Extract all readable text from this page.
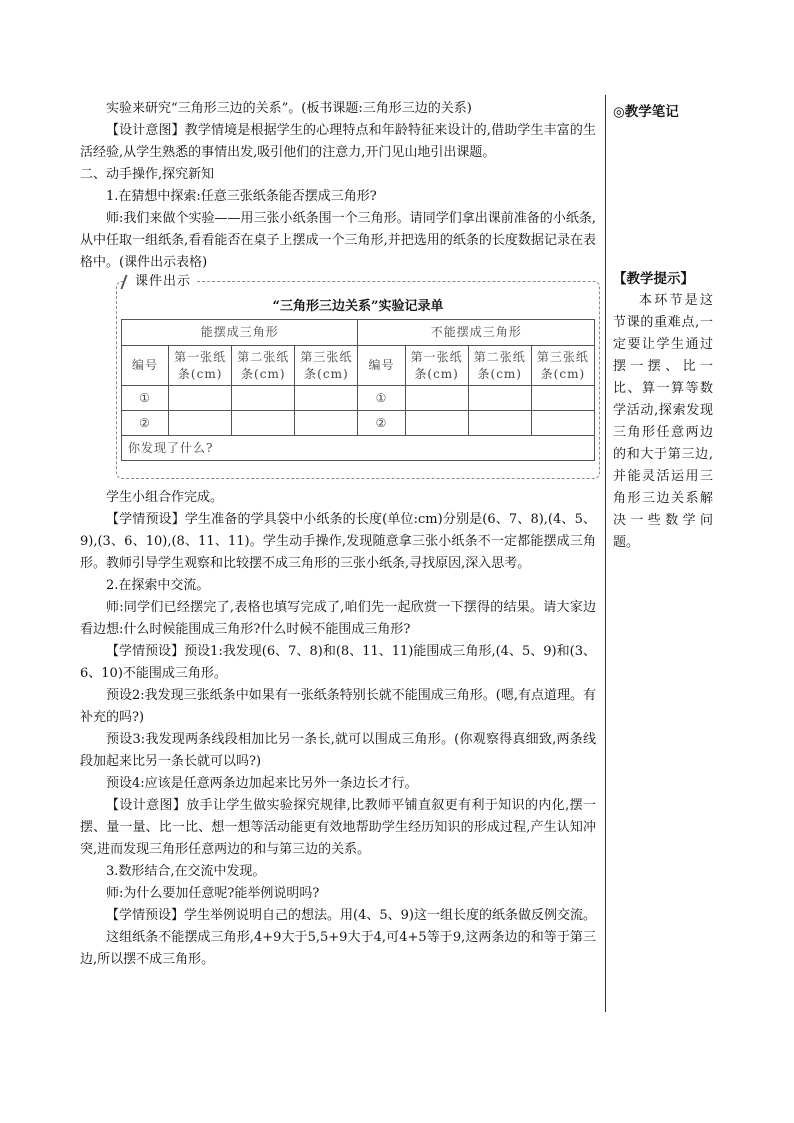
实验来研究“三角形三边的关系”。(板书课题:三角形三边的关系)

【设计意图】教学情境是根据学生的心理特点和年龄特征来设计的,借助学生丰富的生活经验,从学生熟悉的事情出发,吸引他们的注意力,开门见山地引出课题。

二、动手操作,探究新知

1.在猜想中探索:任意三张纸条能否摆成三角形?

师:我们来做个实验——用三张小纸条围一个三角形。请同学们拿出课前准备的小纸条,从中任取一组纸条,看看能否在桌子上摆成一个三角形,并把选用的纸条的长度数据记录在表格中。(课件出示表格)

课件出示
“三角形三边关系”实验记录单
能摆成三角形				不能摆成三角形			
编号	第一张纸条(cm)	第二张纸条(cm)	第三张纸条(cm)	编号	第一张纸条(cm)	第二张纸条(cm)	第三张纸条(cm)
①				①			
②				②			
你发现了什么?							

学生小组合作完成。

【学情预设】学生准备的学具袋中小纸条的长度(单位:cm)分别是(6、7、8),(4、5、9),(3、6、10),(8、11、11)。学生动手操作,发现随意拿三张小纸条不一定都能摆成三角形。教师引导学生观察和比较摆不成三角形的三张小纸条,寻找原因,深入思考。

2.在探索中交流。

师:同学们已经摆完了,表格也填写完成了,咱们先一起欣赏一下摆得的结果。请大家边看边想:什么时候能围成三角形?什么时候不能围成三角形?

【学情预设】预设1:我发现(6、7、8)和(8、11、11)能围成三角形,(4、5、9)和(3、6、10)不能围成三角形。

预设2:我发现三张纸条中如果有一张纸条特别长就不能围成三角形。(嗯,有点道理。有补充的吗?)

预设3:我发现两条线段相加比另一条长,就可以围成三角形。(你观察得真细致,两条线段加起来比另一条长就可以吗?)

预设4:应该是任意两条边加起来比另外一条边长才行。

【设计意图】放手让学生做实验探究规律,比教师平铺直叙更有利于知识的内化,摆一摆、量一量、比一比、想一想等活动能更有效地帮助学生经历知识的形成过程,产生认知冲突,进而发现三角形任意两边的和与第三边的关系。

3.数形结合,在交流中发现。

师:为什么要加任意呢?能举例说明吗?

【学情预设】学生举例说明自己的想法。用(4、5、9)这一组长度的纸条做反例交流。

这组纸条不能摆成三角形,4+9大于5,5+9大于4,可4+5等于9,这两条边的和等于第三边,所以摆不成三角形。

◎教学笔记
【教学提示】
本环节是这节课的重难点,一定要让学生通过摆一摆、比一比、算一算等数学活动,探索发现三角形任意两边的和大于第三边,并能灵活运用三角形三边关系解决一些数学问题。
